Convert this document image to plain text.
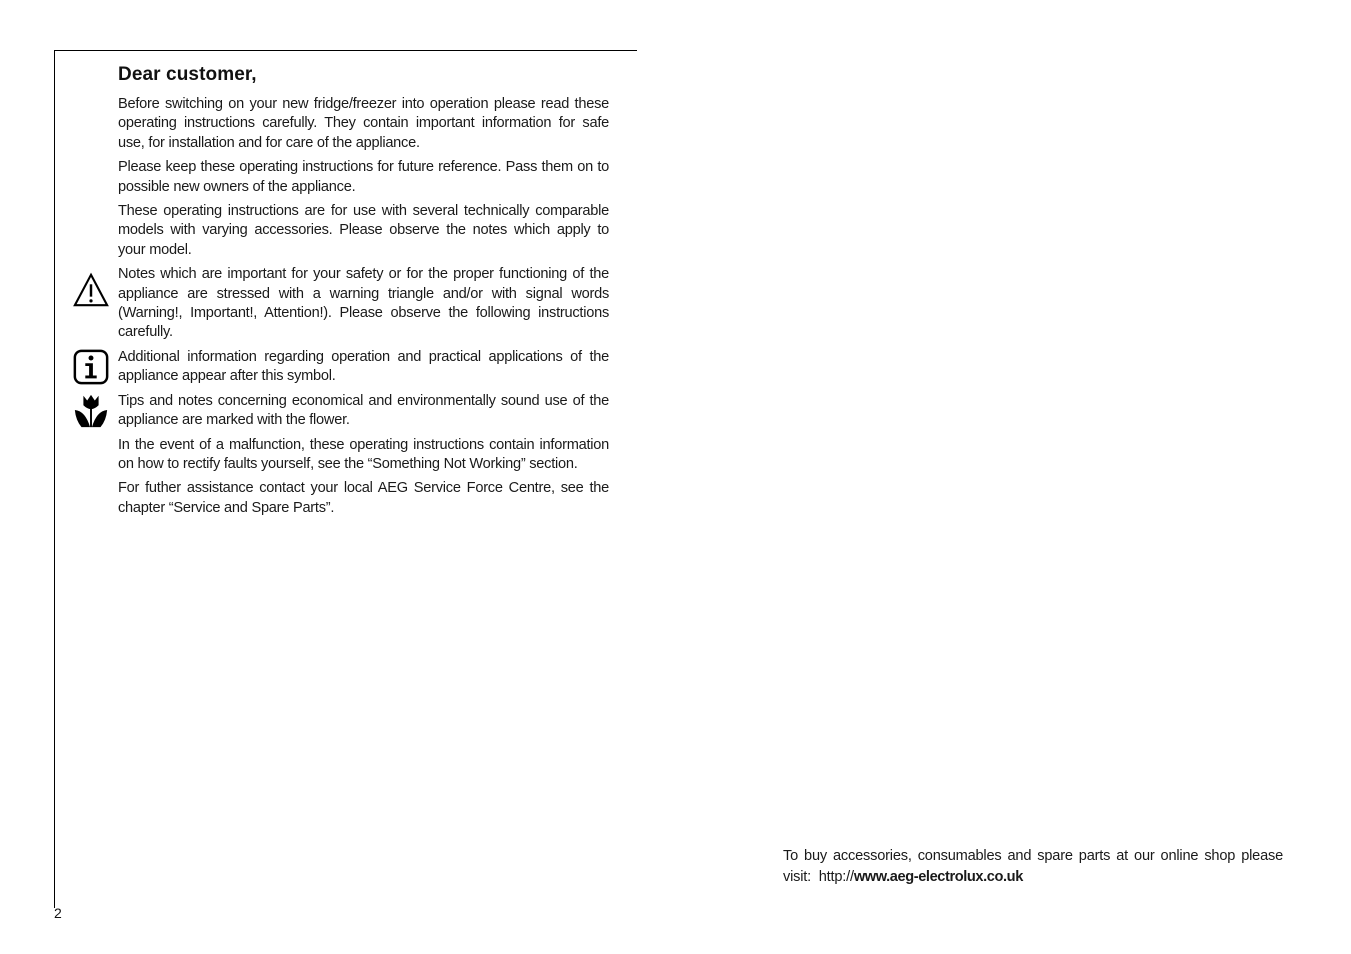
Dear customer,

Before switching on your new fridge/freezer into operation please read these operating instructions carefully. They contain important information for safe use, for installation and for care of the appliance.

Please keep these operating instructions for future reference. Pass them on to possible new owners of the appliance.

These operating instructions are for use with several technically comparable models with varying accessories. Please observe the notes which apply to your model.

Notes which are important for your safety or for the proper functioning of the appliance are stressed with a warning triangle and/or with signal words (Warning!, Important!, Attention!). Please observe the following instructions carefully.

Additional information regarding operation and practical applications of the appliance appear after this symbol.

Tips and notes concerning economical and environmentally sound use of the appliance are marked with the flower.

In the event of a malfunction, these operating instructions contain information on how to rectify faults yourself, see the “Something Not Working” section.

For futher assistance contact your local AEG Service Force Centre, see the chapter “Service and Spare Parts”.

2
To buy accessories, consumables and spare parts at our online shop please visit: http://www.aeg-electrolux.co.uk
